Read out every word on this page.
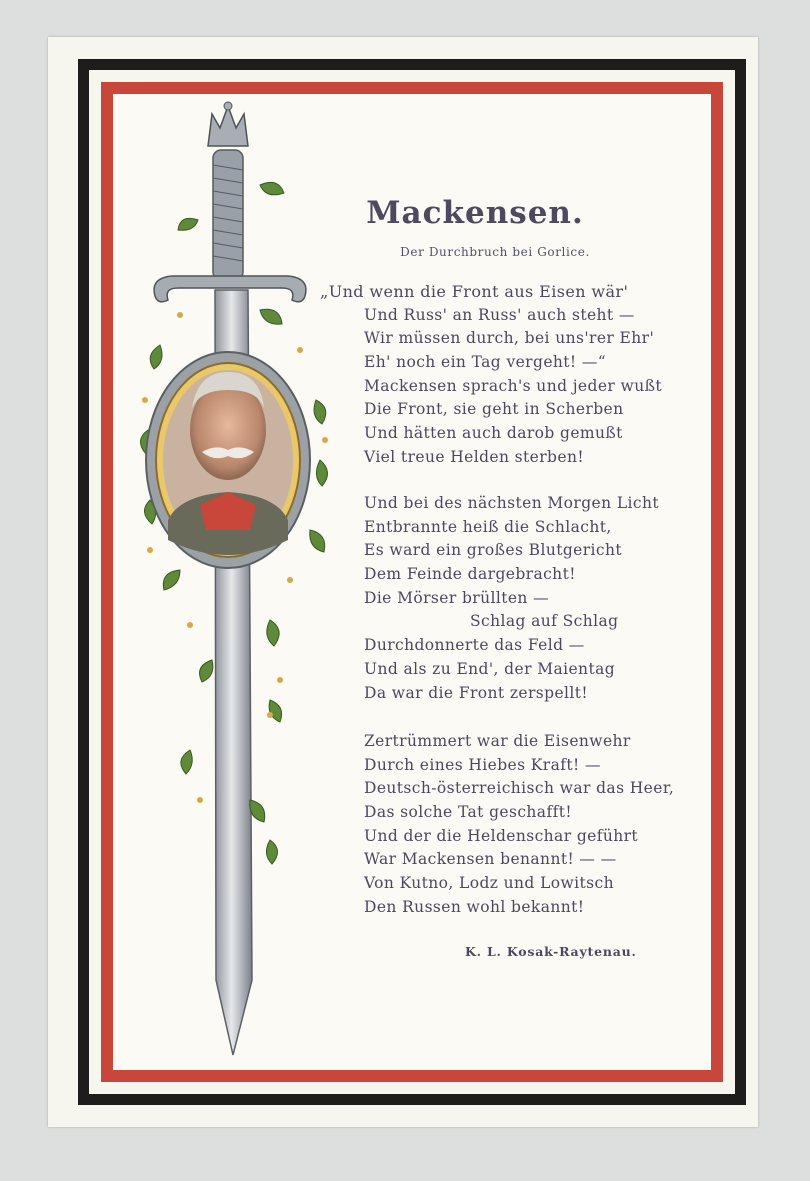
Mackensen.
Der Durchbruch bei Gorlice.
„Und wenn die Front aus Eisen wär'
Und Russ' an Russ' auch steht —
Wir müssen durch, bei uns'rer Ehr'
Eh' noch ein Tag vergeht! —“
Mackensen sprach's und jeder wußt
Die Front, sie geht in Scherben
Und hätten auch darob gemußt
Viel treue Helden sterben!
Und bei des nächsten Morgen Licht
Entbrannte heiß die Schlacht,
Es ward ein großes Blutgericht
Dem Feinde dargebracht!
Die Mörser brüllten —
Schlag auf Schlag
Durchdonnerte das Feld —
Und als zu End', der Maientag
Da war die Front zerspellt!
Zertrümmert war die Eisenwehr
Durch eines Hiebes Kraft! —
Deutsch-österreichisch war das Heer,
Das solche Tat geschafft!
Und der die Heldenschar geführt
War Mackensen benannt! — —
Von Kutno, Lodz und Lowitsch
Den Russen wohl bekannt!
K. L. Kosak-Raytenau.
